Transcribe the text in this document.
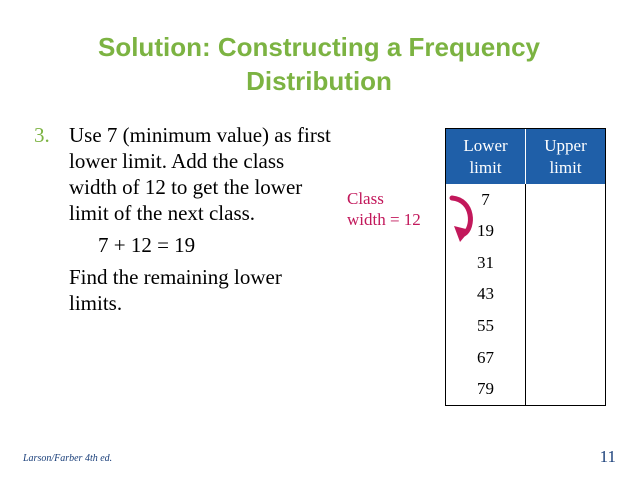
Solution: Constructing a Frequency
Distribution
3. Use 7 (minimum value) as first lower limit. Add the class width of 12 to get the lower limit of the next class.
7 + 12 = 19
Find the remaining lower limits.
Class
width = 12
Lower
limit
Upper
limit
7
19
31
43
55
67
79
Larson/Farber 4th ed.	11
